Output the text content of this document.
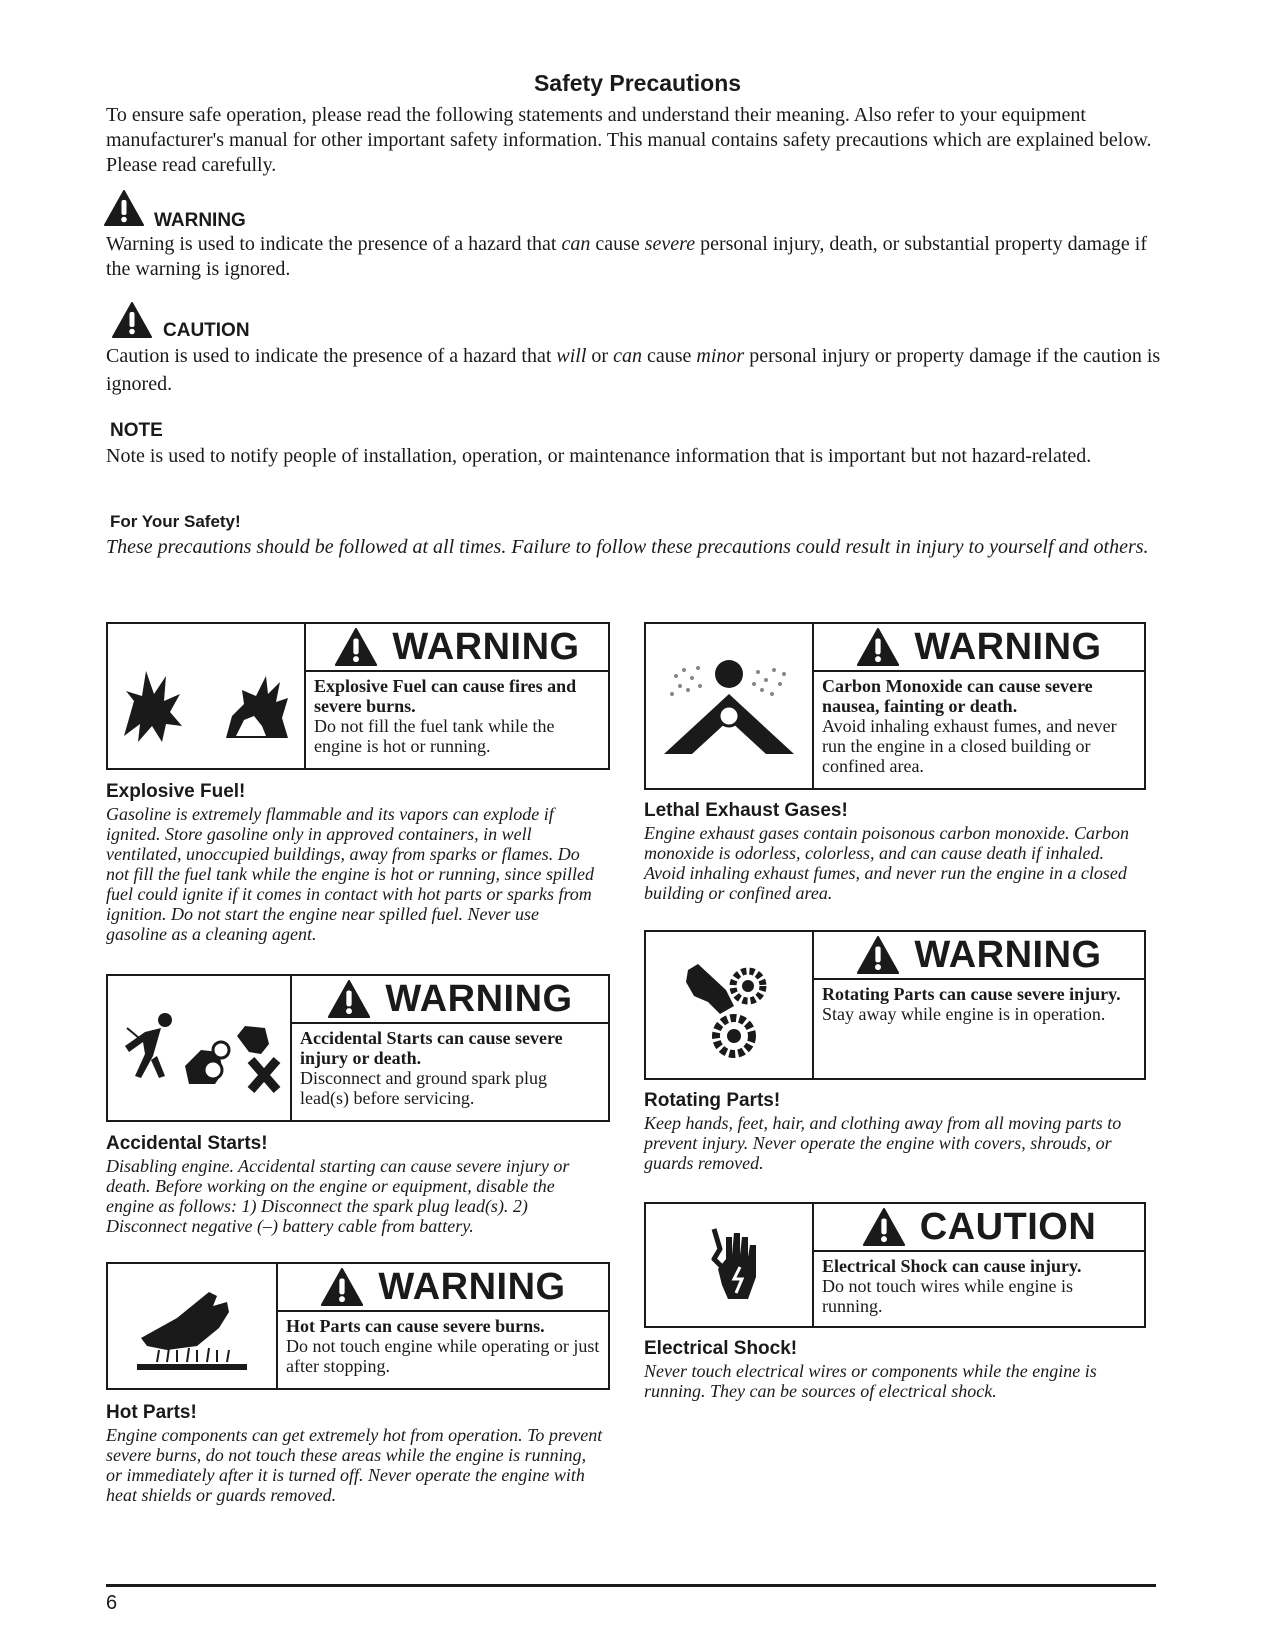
Safety Precautions
To ensure safe operation, please read the following statements and understand their meaning. Also refer to your equipment manufacturer's manual for other important safety information. This manual contains safety precautions which are explained below. Please read carefully.
WARNING
Warning is used to indicate the presence of a hazard that can cause severe personal injury, death, or substantial property damage if the warning is ignored.
CAUTION
Caution is used to indicate the presence of a hazard that will or can cause minor personal injury or property damage if the caution is ignored.
NOTE
Note is used to notify people of installation, operation, or maintenance information that is important but not hazard-related.
For Your Safety!
These precautions should be followed at all times. Failure to follow these precautions could result in injury to yourself and others.
WARNING
Explosive Fuel can cause fires and severe burns.
Do not fill the fuel tank while the engine is hot or running.
Explosive Fuel!
Gasoline is extremely flammable and its vapors can explode if ignited. Store gasoline only in approved containers, in well ventilated, unoccupied buildings, away from sparks or flames. Do not fill the fuel tank while the engine is hot or running, since spilled fuel could ignite if it comes in contact with hot parts or sparks from ignition. Do not start the engine near spilled fuel. Never use gasoline as a cleaning agent.
WARNING
Accidental Starts can cause severe injury or death.
Disconnect and ground spark plug lead(s) before servicing.
Accidental Starts!
Disabling engine. Accidental starting can cause severe injury or death. Before working on the engine or equipment, disable the engine as follows: 1) Disconnect the spark plug lead(s). 2) Disconnect negative (–) battery cable from battery.
WARNING
Hot Parts can cause severe burns.
Do not touch engine while operating or just after stopping.
Hot Parts!
Engine components can get extremely hot from operation. To prevent severe burns, do not touch these areas while the engine is running, or immediately after it is turned off. Never operate the engine with heat shields or guards removed.
WARNING
Carbon Monoxide can cause severe nausea, fainting or death.
Avoid inhaling exhaust fumes, and never run the engine in a closed building or confined area.
Lethal Exhaust Gases!
Engine exhaust gases contain poisonous carbon monoxide. Carbon monoxide is odorless, colorless, and can cause death if inhaled. Avoid inhaling exhaust fumes, and never run the engine in a closed building or confined area.
WARNING
Rotating Parts can cause severe injury.
Stay away while engine is in operation.
Rotating Parts!
Keep hands, feet, hair, and clothing away from all moving parts to prevent injury. Never operate the engine with covers, shrouds, or guards removed.
CAUTION
Electrical Shock can cause injury.
Do not touch wires while engine is running.
Electrical Shock!
Never touch electrical wires or components while the engine is running. They can be sources of electrical shock.
6
